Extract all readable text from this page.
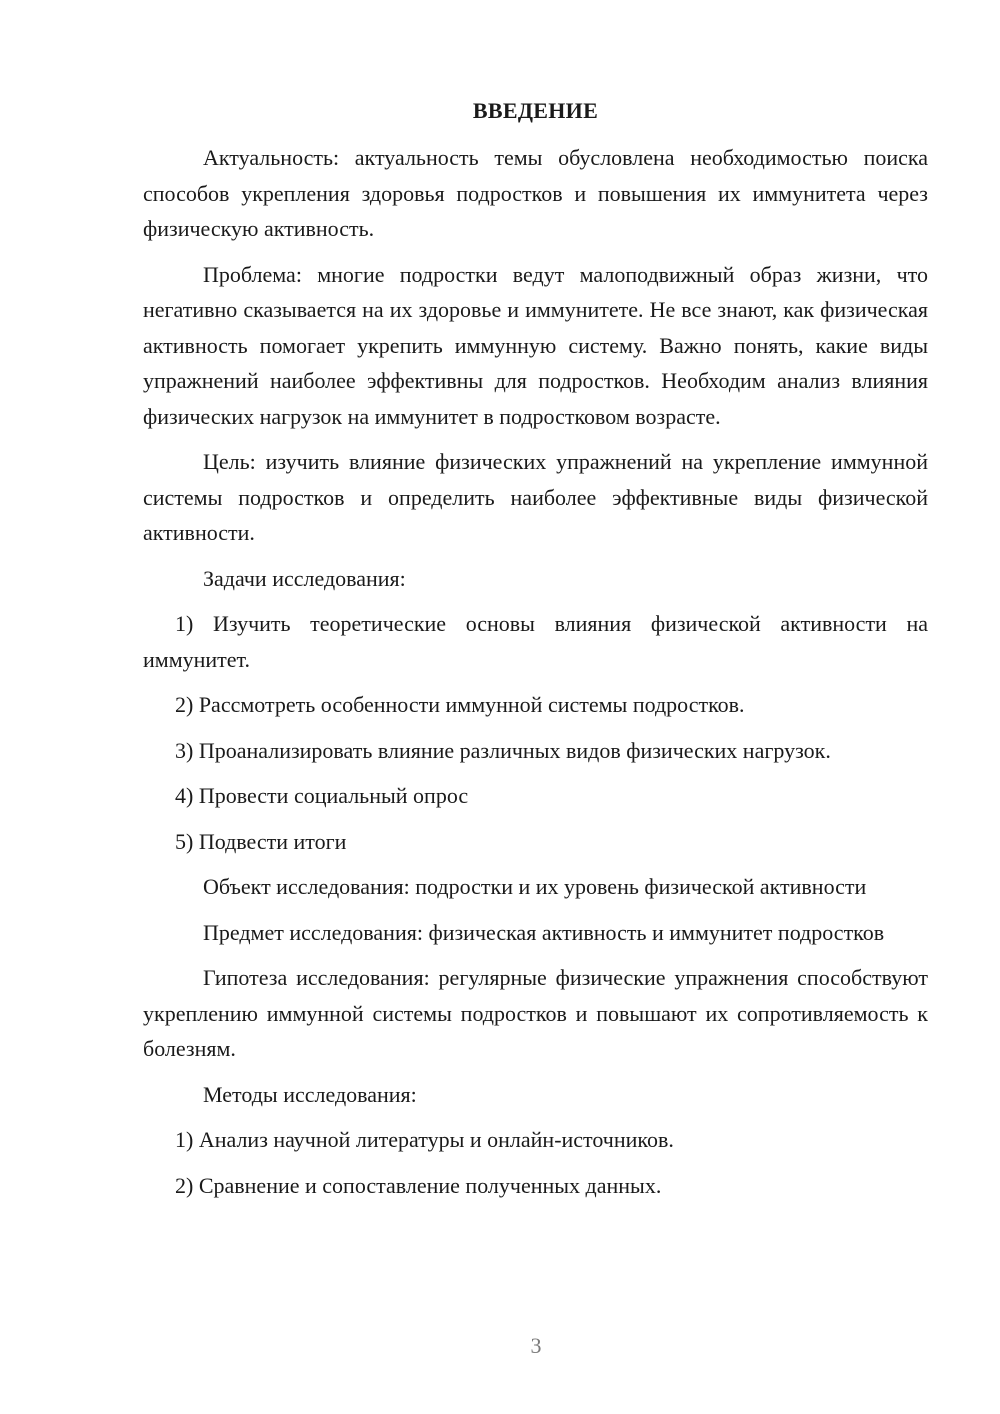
ВВЕДЕНИЕ

Актуальность: актуальность темы обусловлена необходимостью поиска способов укрепления здоровья подростков и повышения их иммунитета через физическую активность.

Проблема: многие подростки ведут малоподвижный образ жизни, что негативно сказывается на их здоровье и иммунитете. Не все знают, как физическая активность помогает укрепить иммунную систему. Важно понять, какие виды упражнений наиболее эффективны для подростков. Необходим анализ влияния физических нагрузок на иммунитет в подростковом возрасте.

Цель: изучить влияние физических упражнений на укрепление иммунной системы подростков и определить наиболее эффективные виды физической активности.

Задачи исследования:

1) Изучить теоретические основы влияния физической активности на иммунитет.

2) Рассмотреть особенности иммунной системы подростков.

3) Проанализировать влияние различных видов физических нагрузок.

4) Провести социальный опрос

5) Подвести итоги

Объект исследования: подростки и их уровень физической активности

Предмет исследования: физическая активность и иммунитет подростков

Гипотеза исследования: регулярные физические упражнения способствуют укреплению иммунной системы подростков и повышают их сопротивляемость к болезням.

Методы исследования:

1) Анализ научной литературы и онлайн-источников.

2) Сравнение и сопоставление полученных данных.

3
